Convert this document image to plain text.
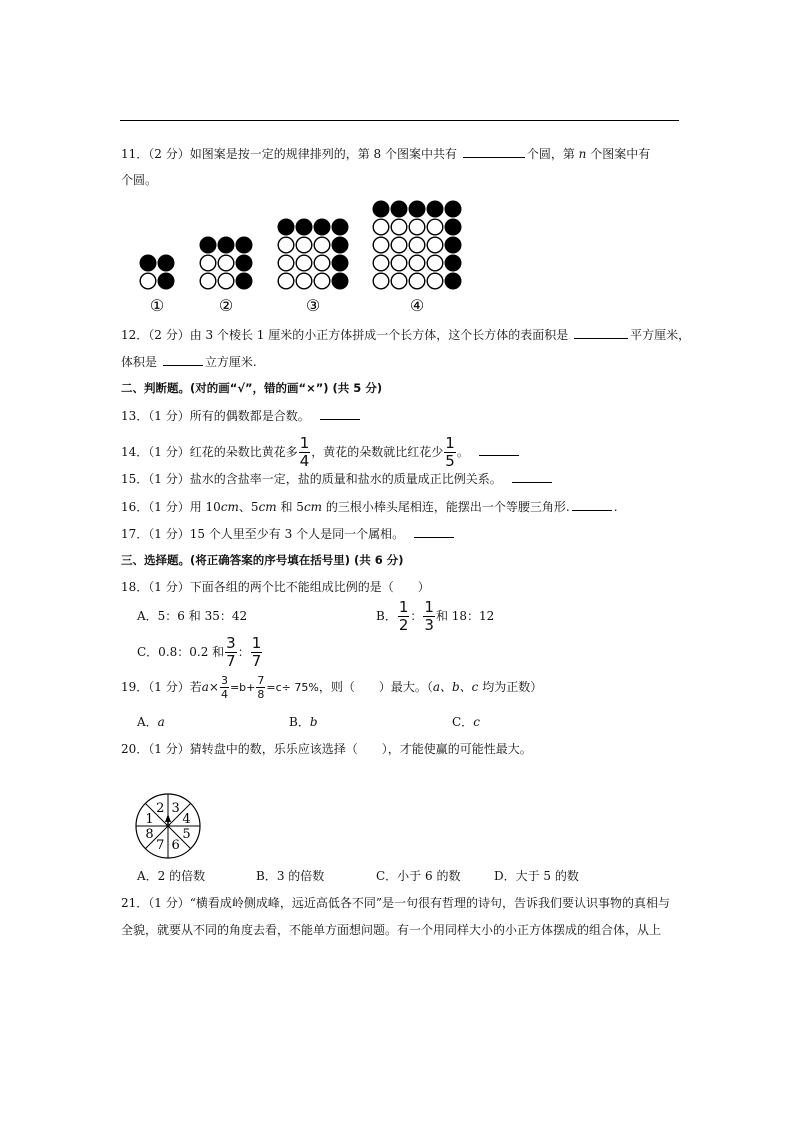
11．（2 分）如图案是按一定的规律排列的，第 8 个图案中共有	个圆，第 n 个图案中有
个圆。
①	②	③	④
12．（2 分）由 3 个棱长 1 厘米的小正方体拼成一个长方体，这个长方体的表面积是	平方厘米，
体积是	立方厘米.
二、判断题。(对的画“√”，错的画“×”) (共 5 分)
13．（1 分）所有的偶数都是合数。
14．（1 分）红花的朵数比黄花多 $\frac{1}{4}$ ，黄花的朵数就比红花少 $\frac{1}{5}$ 。
15．（1 分）盐水的含盐率一定，盐的质量和盐水的质量成正比例关系。
16．（1 分）用 10cm、5cm 和 5cm 的三根小棒头尾相连，能摆出一个等腰三角形.	.
17．（1 分）15 个人里至少有 3 个人是同一个属相。
三、选择题。(将正确答案的序号填在括号里) (共 6 分)
18．（1 分）下面各组的两个比不能组成比例的是（　　）
A．5：6 和 35：42	B． $\frac{1}{2}$ ： $\frac{1}{3}$ 和 18：12
C．0.8：0.2 和 $\frac{3}{7}$ ： $\frac{1}{7}$
19．（1 分）若$a\times \frac{3}{4} =b+ \frac{7}{8} =c\div 75\%$，则（　　）最大。（a、b、c 均为正数）
A．a	B．b	C．c
20．（1 分）猜转盘中的数，乐乐应该选择（　　），才能使赢的可能性最大。
2 3
4
5
6
7
8
1
A．2 的倍数	B．3 的倍数	C．小于 6 的数	D．大于 5 的数
21．（1 分）“横看成岭侧成峰，远近高低各不同”是一句很有哲理的诗句，告诉我们要认识事物的真相与
全貌，就要从不同的角度去看，不能单方面想问题。有一个用同样大小的小正方体摆成的组合体，从上
